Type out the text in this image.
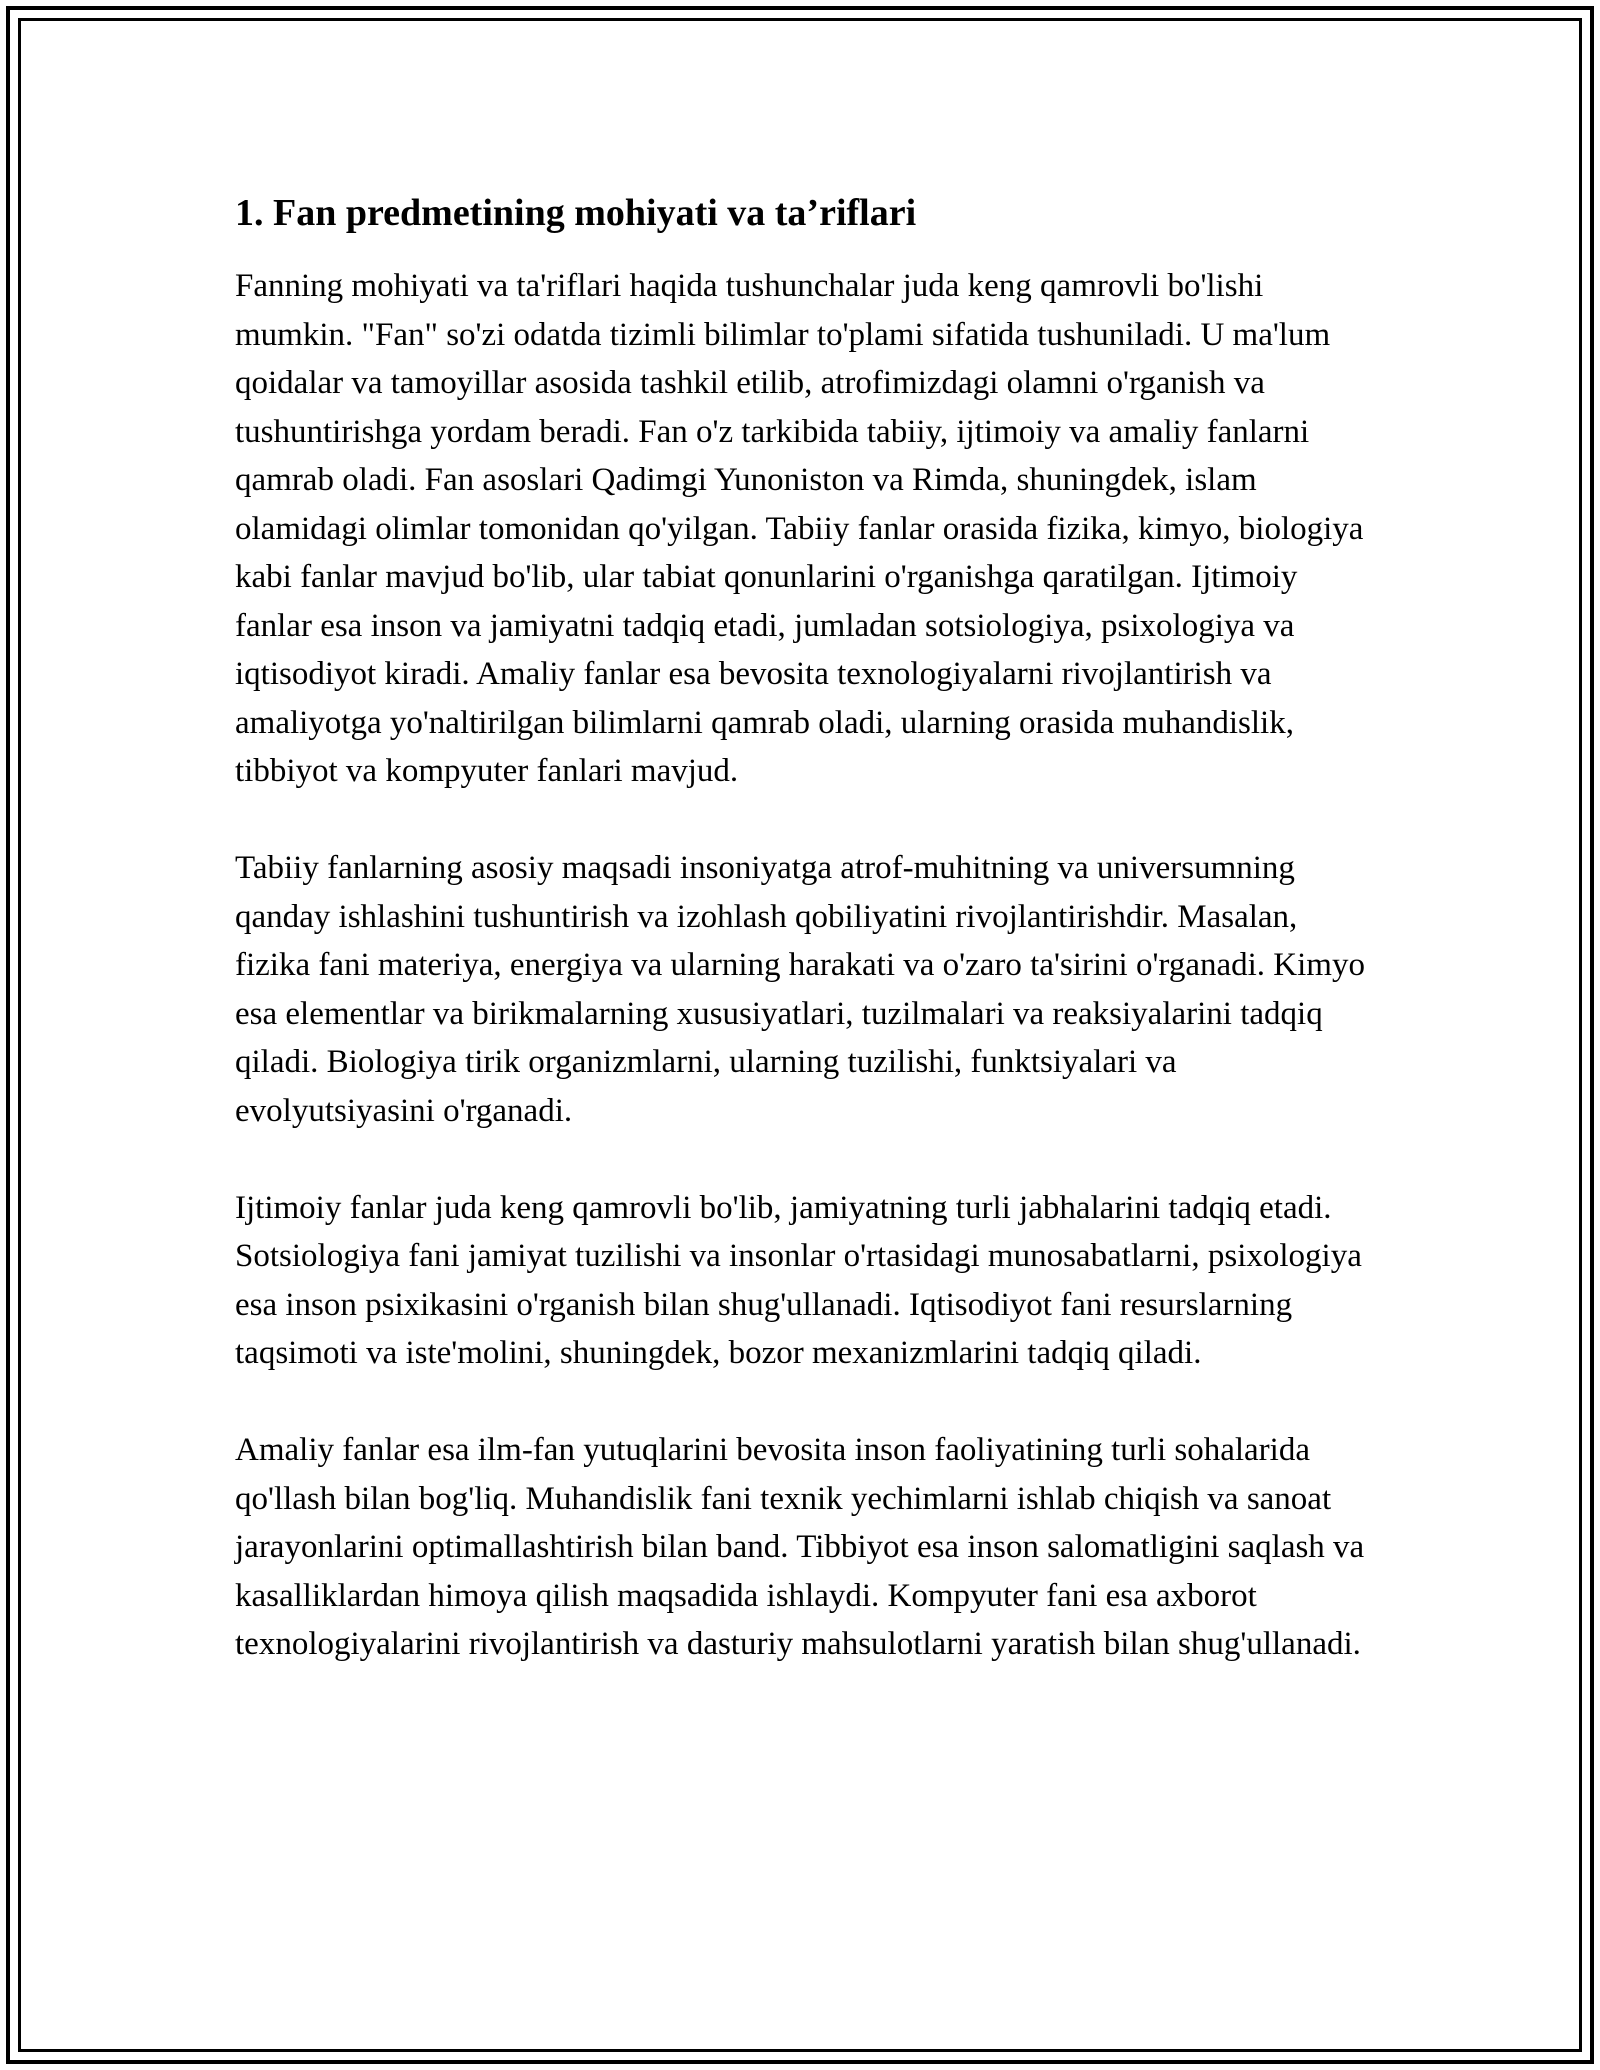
1. Fan predmetining mohiyati va ta’riflari

Fanning mohiyati va ta'riflari haqida tushunchalar juda keng qamrovli bo'lishi mumkin. "Fan" so'zi odatda tizimli bilimlar to'plami sifatida tushuniladi. U ma'lum qoidalar va tamoyillar asosida tashkil etilib, atrofimizdagi olamni o'rganish va tushuntirishga yordam beradi. Fan o'z tarkibida tabiiy, ijtimoiy va amaliy fanlarni qamrab oladi. Fan asoslari Qadimgi Yunoniston va Rimda, shuningdek, islam olamidagi olimlar tomonidan qo'yilgan. Tabiiy fanlar orasida fizika, kimyo, biologiya kabi fanlar mavjud bo'lib, ular tabiat qonunlarini o'rganishga qaratilgan. Ijtimoiy fanlar esa inson va jamiyatni tadqiq etadi, jumladan sotsiologiya, psixologiya va iqtisodiyot kiradi. Amaliy fanlar esa bevosita texnologiyalarni rivojlantirish va amaliyotga yo'naltirilgan bilimlarni qamrab oladi, ularning orasida muhandislik, tibbiyot va kompyuter fanlari mavjud.

Tabiiy fanlarning asosiy maqsadi insoniyatga atrof-muhitning va universumning qanday ishlashini tushuntirish va izohlash qobiliyatini rivojlantirishdir. Masalan, fizika fani materiya, energiya va ularning harakati va o'zaro ta'sirini o'rganadi. Kimyo esa elementlar va birikmalarning xususiyatlari, tuzilmalari va reaksiyalarini tadqiq qiladi. Biologiya tirik organizmlarni, ularning tuzilishi, funktsiyalari va evolyutsiyasini o'rganadi.

Ijtimoiy fanlar juda keng qamrovli bo'lib, jamiyatning turli jabhalarini tadqiq etadi. Sotsiologiya fani jamiyat tuzilishi va insonlar o'rtasidagi munosabatlarni, psixologiya esa inson psixikasini o'rganish bilan shug'ullanadi. Iqtisodiyot fani resurslarning taqsimoti va iste'molini, shuningdek, bozor mexanizmlarini tadqiq qiladi.

Amaliy fanlar esa ilm-fan yutuqlarini bevosita inson faoliyatining turli sohalarida qo'llash bilan bog'liq. Muhandislik fani texnik yechimlarni ishlab chiqish va sanoat jarayonlarini optimallashtirish bilan band. Tibbiyot esa inson salomatligini saqlash va kasalliklardan himoya qilish maqsadida ishlaydi. Kompyuter fani esa axborot texnologiyalarini rivojlantirish va dasturiy mahsulotlarni yaratish bilan shug'ullanadi.
